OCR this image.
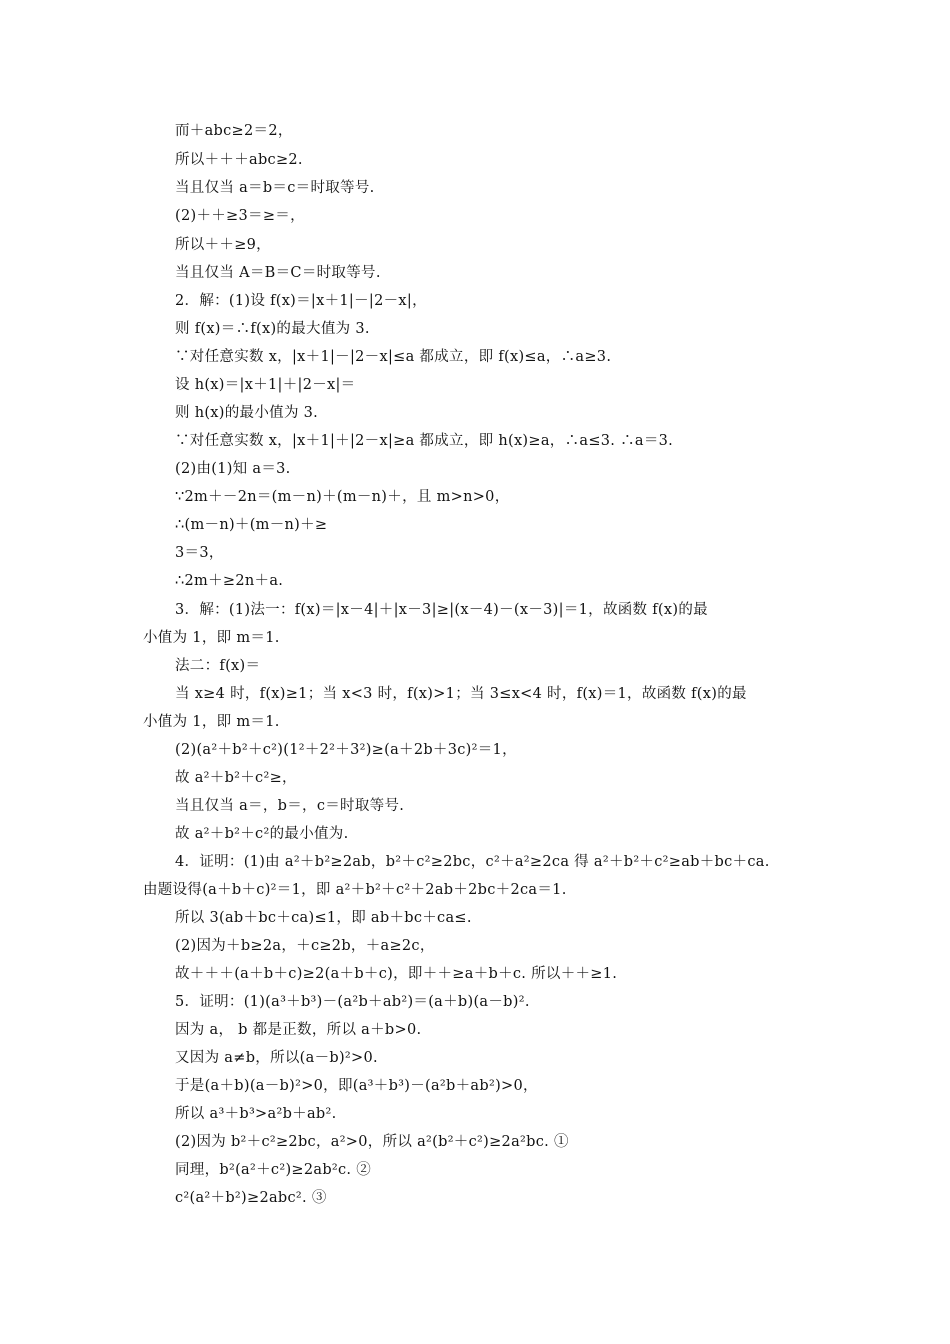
而＋abc≥2＝2，
所以＋＋＋abc≥2.
当且仅当 a＝b＝c＝时取等号.
(2)＋＋≥3＝≥＝，
所以＋＋≥9，
当且仅当 A＝B＝C＝时取等号.
2．解：(1)设 f(x)＝|x＋1|－|2－x|，
则 f(x)＝∴f(x)的最大值为 3.
∵对任意实数 x，|x＋1|－|2－x|≤a 都成立，即 f(x)≤a，∴a≥3.
设 h(x)＝|x＋1|＋|2－x|＝
则 h(x)的最小值为 3.
∵对任意实数 x，|x＋1|＋|2－x|≥a 都成立，即 h(x)≥a，∴a≤3. ∴a＝3.
(2)由(1)知 a＝3.
∵2m＋－2n＝(m－n)＋(m－n)＋，且 m>n>0，
∴(m－n)＋(m－n)＋≥
3＝3，
∴2m＋≥2n＋a.
3．解：(1)法一：f(x)＝|x－4|＋|x－3|≥|(x－4)－(x－3)|＝1，故函数 f(x)的最
小值为 1，即 m＝1.
法二：f(x)＝
当 x≥4 时，f(x)≥1；当 x<3 时，f(x)>1；当 3≤x<4 时，f(x)＝1，故函数 f(x)的最
小值为 1，即 m＝1.
(2)(a²＋b²＋c²)(1²＋2²＋3²)≥(a＋2b＋3c)²＝1，
故 a²＋b²＋c²≥，
当且仅当 a＝，b＝，c＝时取等号.
故 a²＋b²＋c²的最小值为.
4．证明：(1)由 a²＋b²≥2ab，b²＋c²≥2bc，c²＋a²≥2ca 得 a²＋b²＋c²≥ab＋bc＋ca.
由题设得(a＋b＋c)²＝1，即 a²＋b²＋c²＋2ab＋2bc＋2ca＝1.
所以 3(ab＋bc＋ca)≤1，即 ab＋bc＋ca≤.
(2)因为＋b≥2a，＋c≥2b，＋a≥2c，
故＋＋＋(a＋b＋c)≥2(a＋b＋c)，即＋＋≥a＋b＋c. 所以＋＋≥1.
5．证明：(1)(a³＋b³)－(a²b＋ab²)＝(a＋b)(a－b)².
因为 a， b 都是正数，所以 a＋b>0.
又因为 a≠b，所以(a－b)²>0.
于是(a＋b)(a－b)²>0，即(a³＋b³)－(a²b＋ab²)>0，
所以 a³＋b³>a²b＋ab².
(2)因为 b²＋c²≥2bc，a²>0，所以 a²(b²＋c²)≥2a²bc. ①
同理，b²(a²＋c²)≥2ab²c. ②
c²(a²＋b²)≥2abc². ③
